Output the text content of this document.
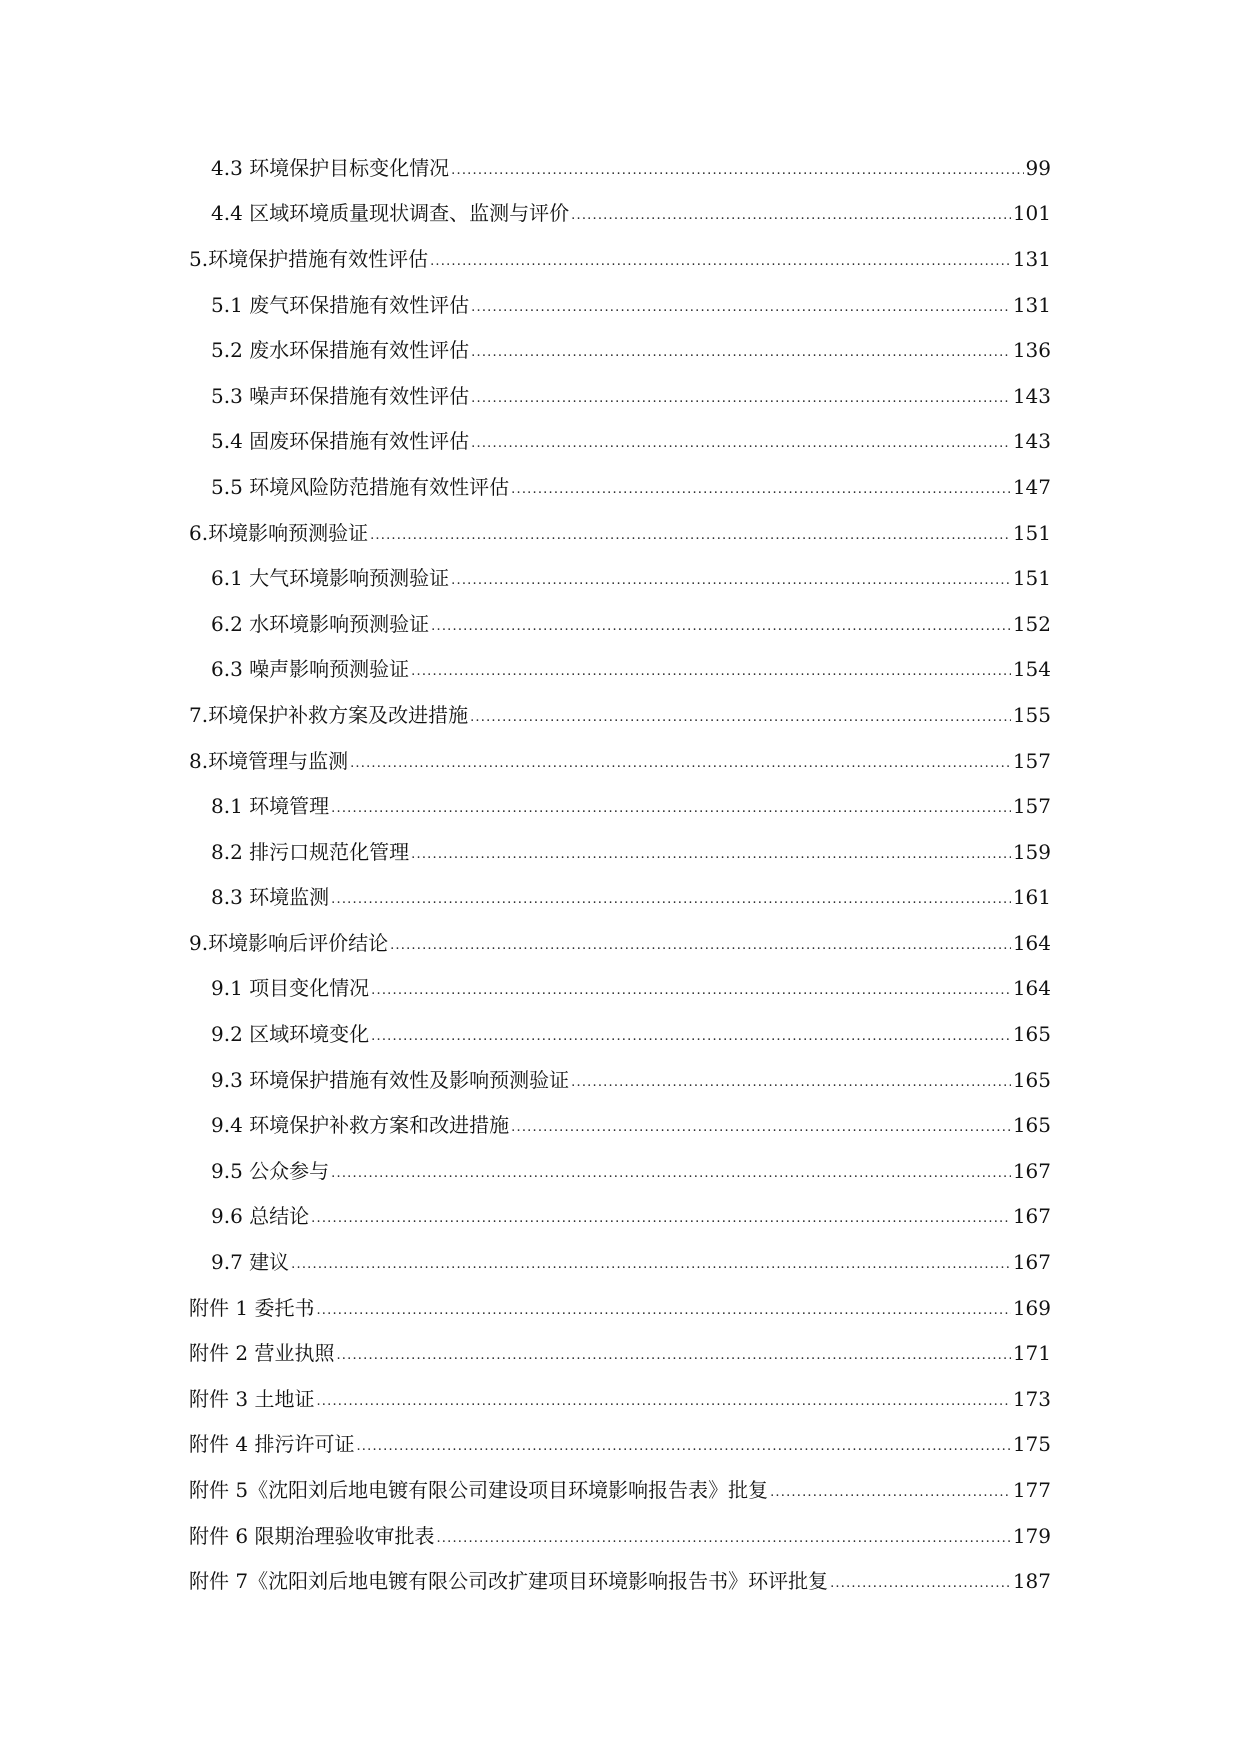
4.3 环境保护目标变化情况 .....	99
4.4 区域环境质量现状调查、监测与评价 .....	101
5.环境保护措施有效性评估 .....	131
5.1 废气环保措施有效性评估 .....	131
5.2 废水环保措施有效性评估 .....	136
5.3 噪声环保措施有效性评估 .....	143
5.4 固废环保措施有效性评估 .....	143
5.5 环境风险防范措施有效性评估 .....	147
6.环境影响预测验证 .....	151
6.1 大气环境影响预测验证 .....	151
6.2 水环境影响预测验证 .....	152
6.3 噪声影响预测验证 .....	154
7.环境保护补救方案及改进措施 .....	155
8.环境管理与监测 .....	157
8.1 环境管理 .....	157
8.2 排污口规范化管理 .....	159
8.3 环境监测 .....	161
9.环境影响后评价结论 .....	164
9.1 项目变化情况 .....	164
9.2 区域环境变化 .....	165
9.3 环境保护措施有效性及影响预测验证 .....	165
9.4 环境保护补救方案和改进措施 .....	165
9.5 公众参与 .....	167
9.6 总结论 .....	167
9.7 建议 .....	167
附件 1 委托书 .....	169
附件 2 营业执照 .....	171
附件 3 土地证 .....	173
附件 4 排污许可证 .....	175
附件 5《沈阳刘后地电镀有限公司建设项目环境影响报告表》批复 .....	177
附件 6 限期治理验收审批表 .....	179
附件 7《沈阳刘后地电镀有限公司改扩建项目环境影响报告书》环评批复 .....	187
